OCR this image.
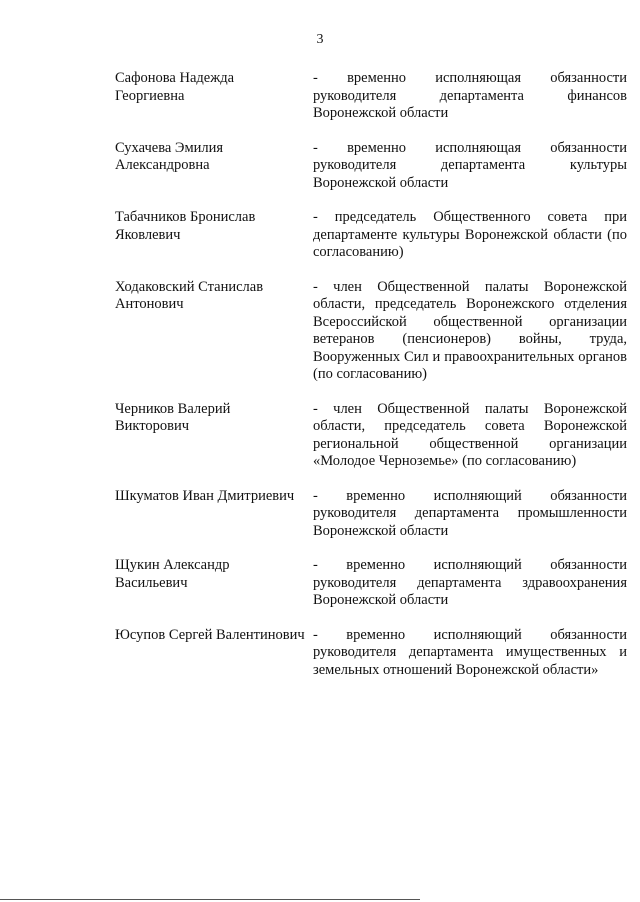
3
Сафонова Надежда
Георгиевна
- временно исполняющая обязанности руководителя департамента финансов Воронежской области
Сухачева Эмилия
Александровна
- временно исполняющая обязанности руководителя департамента культуры Воронежской области
Табачников Бронислав
Яковлевич
- председатель Общественного совета при департаменте культуры Воронежской области (по согласованию)
Ходаковский Станислав
Антонович
- член Общественной палаты Воронежской области, председатель Воронежского отделения Всероссийской общественной организации ветеранов (пенсионеров) войны, труда, Вооруженных Сил и правоохранительных органов (по согласованию)
Черников Валерий
Викторович
- член Общественной палаты Воронежской области, председатель совета Воронежской региональной общественной организации «Молодое Черноземье» (по согласованию)
Шкуматов Иван Дмитриевич	- временно исполняющий обязанности руководителя департамента промышленности Воронежской области
Щукин Александр
Васильевич
- временно исполняющий обязанности руководителя департамента здравоохранения Воронежской области
Юсупов Сергей Валентинович - временно исполняющий обязанности руководителя департамента имущественных и земельных отношений Воронежской области»
